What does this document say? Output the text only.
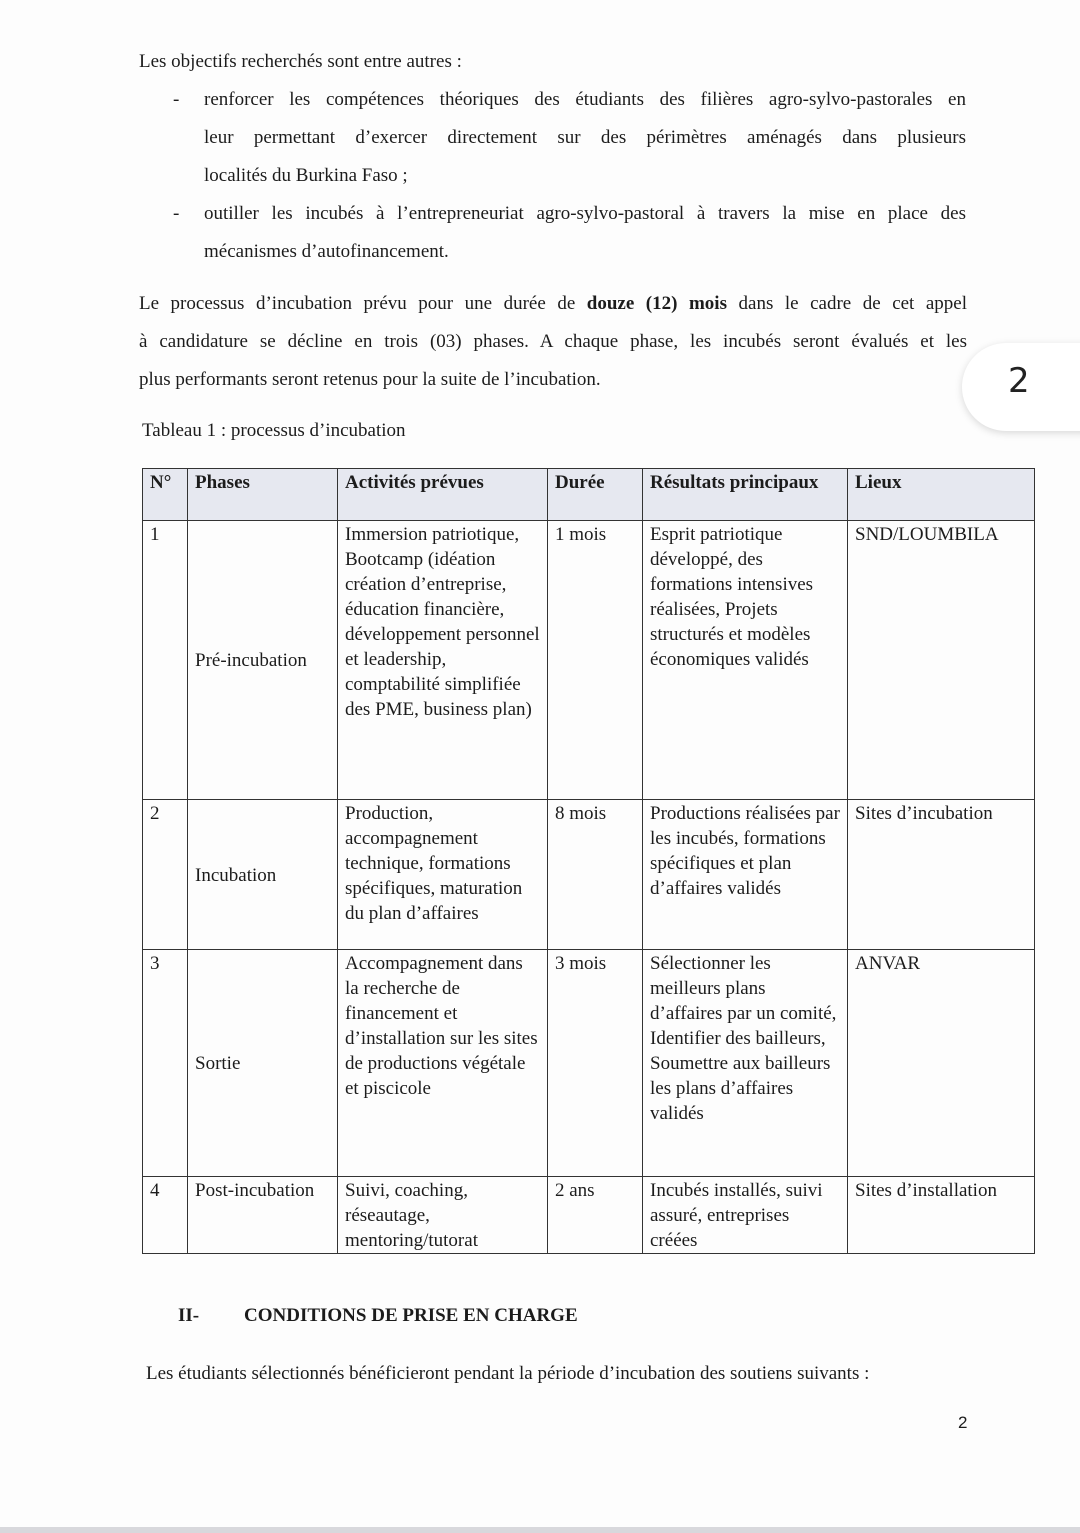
Les objectifs recherchés sont entre autres :
- renforcer les compétences théoriques des étudiants des filières agro-sylvo-pastorales en
leur permettant d’exercer directement sur des périmètres aménagés dans plusieurs
localités du Burkina Faso ;
- outiller les incubés à l’entrepreneuriat agro-sylvo-pastoral à travers la mise en place des
mécanismes d’autofinancement.
Le processus d’incubation prévu pour une durée de douze (12) mois dans le cadre de cet appel
à candidature se décline en trois (03) phases. A chaque phase, les incubés seront évalués et les
plus performants seront retenus pour la suite de l’incubation.	2
Tableau 1 : processus d’incubation
N°	Phases	Activités prévues	Durée	Résultats principaux	Lieux
1	Pré-incubation	Immersion patriotique, Bootcamp (idéation création d’entreprise, éducation financière, développement personnel et leadership, comptabilité simplifiée des PME, business plan)	1 mois	Esprit patriotique développé, des formations intensives réalisées, Projets structurés et modèles économiques validés	SND/LOUMBILA
2	Incubation	Production, accompagnement technique, formations spécifiques, maturation du plan d’affaires	8 mois	Productions réalisées par les incubés, formations spécifiques et plan d’affaires validés	Sites d’incubation
3	Sortie	Accompagnement dans la recherche de financement et d’installation sur les sites de productions végétale et piscicole	3 mois	Sélectionner les meilleurs plans d’affaires par un comité, Identifier des bailleurs, Soumettre aux bailleurs les plans d’affaires validés	ANVAR
4	Post-incubation	Suivi, coaching, réseautage, mentoring/tutorat	2 ans	Incubés installés, suivi assuré, entreprises créées	Sites d’installation
II- CONDITIONS DE PRISE EN CHARGE
Les étudiants sélectionnés bénéficieront pendant la période d’incubation des soutiens suivants :
2
